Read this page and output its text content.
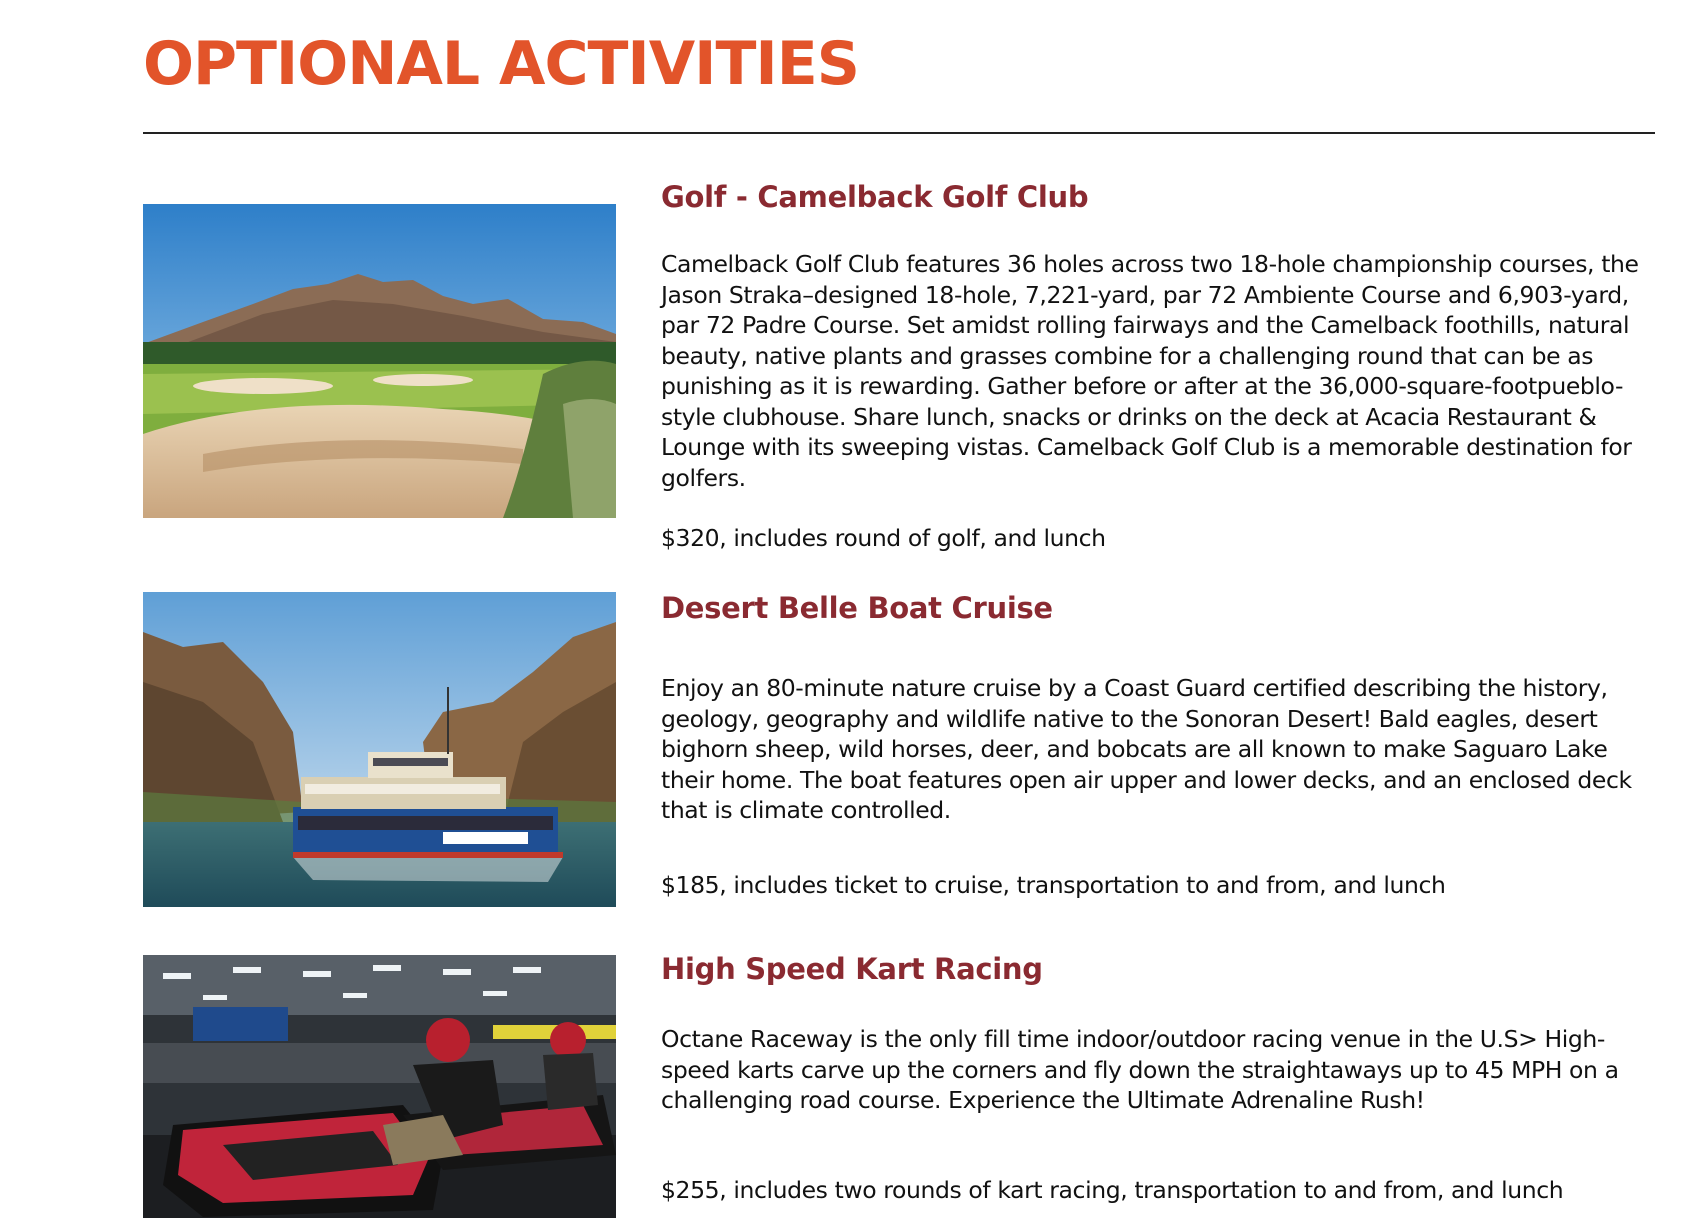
OPTIONAL ACTIVITIES
Golf - Camelback Golf Club

Camelback Golf Club features 36 holes across two 18-hole championship courses, the Jason Straka–designed 18-hole, 7,221-yard, par 72 Ambiente Course and 6,903-yard, par 72 Padre Course. Set amidst rolling fairways and the Camelback foothills, natural beauty, native plants and grasses combine for a challenging round that can be as punishing as it is rewarding. Gather before or after at the 36,000-square-footpueblo-style clubhouse. Share lunch, snacks or drinks on the deck at Acacia Restaurant & Lounge with its sweeping vistas. Camelback Golf Club is a memorable destination for golfers.

$320, includes round of golf, and lunch

Desert Belle Boat Cruise

Enjoy an 80-minute nature cruise by a Coast Guard certified describing the history, geology, geography and wildlife native to the Sonoran Desert! Bald eagles, desert bighorn sheep, wild horses, deer, and bobcats are all known to make Saguaro Lake their home. The boat features open air upper and lower decks, and an enclosed deck that is climate controlled.

$185, includes ticket to cruise, transportation to and from, and lunch

High Speed Kart Racing

Octane Raceway is the only fill time indoor/outdoor racing venue in the U.S> High-speed karts carve up the corners and fly down the straightaways up to 45 MPH on a challenging road course. Experience the Ultimate Adrenaline Rush!

$255, includes two rounds of kart racing, transportation to and from, and lunch
